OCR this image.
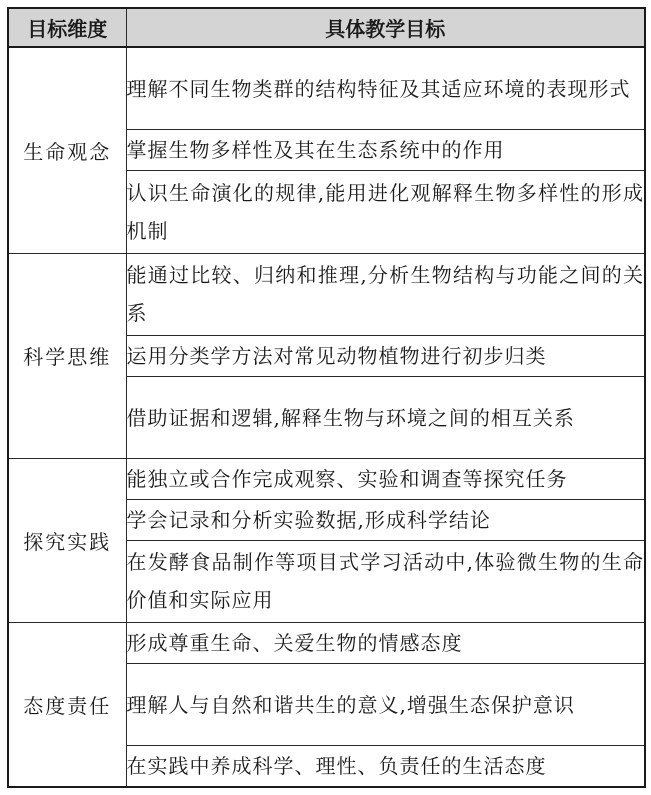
目标维度	具体教学目标
生命观念	理解不同生物类群的结构特征及其适应环境的表现形式
	掌握生物多样性及其在生态系统中的作用
	认识生命演化的规律,能用进化观解释生物多样性的形成机制
科学思维	能通过比较、归纳和推理,分析生物结构与功能之间的关系
	运用分类学方法对常见动物植物进行初步归类
	借助证据和逻辑,解释生物与环境之间的相互关系
探究实践	能独立或合作完成观察、实验和调查等探究任务
	学会记录和分析实验数据,形成科学结论
	在发酵食品制作等项目式学习活动中,体验微生物的生命价值和实际应用
态度责任	形成尊重生命、关爱生物的情感态度
	理解人与自然和谐共生的意义,增强生态保护意识
	在实践中养成科学、理性、负责任的生活态度
